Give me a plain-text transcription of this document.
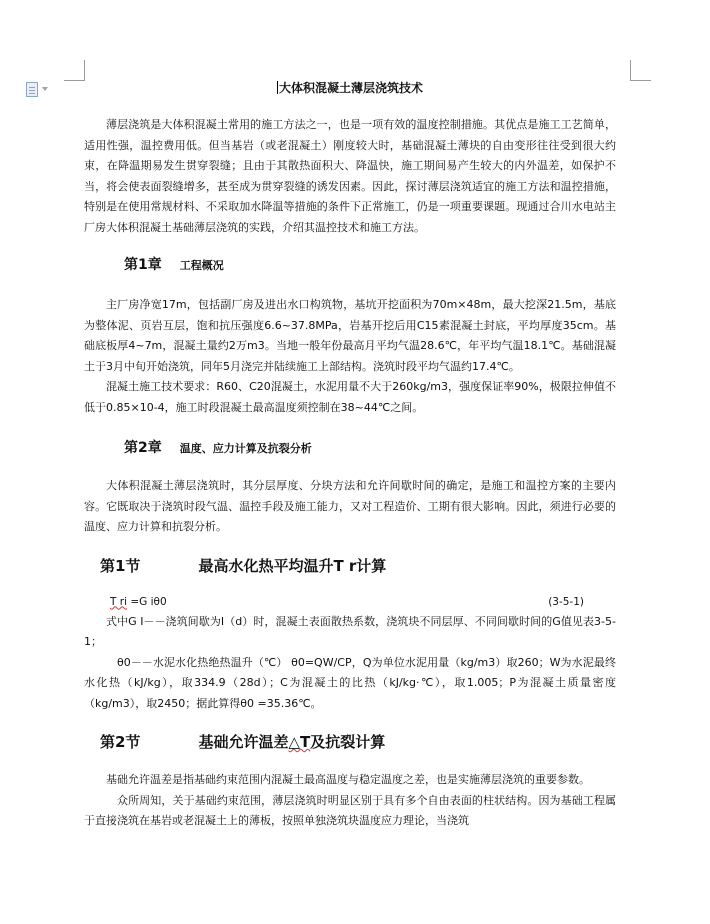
大体积混凝土薄层浇筑技术

薄层浇筑是大体积混凝土常用的施工方法之一，也是一项有效的温度控制措施。其优点是施工工艺简单，适用性强，温控费用低。但当基岩（或老混凝土）刚度较大时，基础混凝土薄块的自由变形往往受到很大约束，在降温期易发生贯穿裂缝；且由于其散热面积大、降温快，施工期间易产生较大的内外温差，如保护不当，将会使表面裂缝增多，甚至成为贯穿裂缝的诱发因素。因此，探讨薄层浇筑适宜的施工方法和温控措施，特别是在使用常规材料、不采取加水降温等措施的条件下正常施工，仍是一项重要课题。现通过合川水电站主厂房大体积混凝土基础薄层浇筑的实践，介绍其温控技术和施工方法。

第1章 工程概况

主厂房净宽17m，包括副厂房及进出水口构筑物，基坑开挖面积为70m×48m，最大挖深21.5m，基底为整体泥、页岩互层，饱和抗压强度6.6~37.8MPa，岩基开挖后用C15素混凝土封底，平均厚度35cm。基础底板厚4~7m，混凝土量约2万m3。当地一般年份最高月平均气温28.6℃，年平均气温18.1℃。基础混凝土于3月中旬开始浇筑，同年5月浇完并陆续施工上部结构。浇筑时段平均气温约17.4℃。

混凝土施工技术要求：R60、C20混凝土，水泥用量不大于260kg/m3，强度保证率90%，极限拉伸值不低于0.85×10-4，施工时段混凝土最高温度须控制在38~44℃之间。

第2章 温度、应力计算及抗裂分析

大体积混凝土薄层浇筑时，其分层厚度、分块方法和允许间歇时间的确定，是施工和温控方案的主要内容。它既取决于浇筑时段气温、温控手段及施工能力，又对工程造价、工期有很大影响。因此，须进行必要的温度、应力计算和抗裂分析。

第1节	最高水化热平均温升T r计算
T ri =G iθ0	(3-5-1)

式中G I－－浇筑间歇为I（d）时，混凝土表面散热系数，浇筑块不同层厚、不同间歇时间的G值见表3-5-1；

θ0－－水泥水化热绝热温升（℃） θ0=QW/CP，Q为单位水泥用量（kg/m3）取260；W为水泥最终水化热（kJ/kg），取334.9（28d）；C为混凝土的比热（kJ/kg·℃），取1.005；P为混凝土质量密度（kg/m3），取2450；据此算得θ0 =35.36℃。

第2节	基础允许温差△T及抗裂计算

基础允许温差是指基础约束范围内混凝土最高温度与稳定温度之差，也是实施薄层浇筑的重要参数。

众所周知，关于基础约束范围，薄层浇筑时明显区别于具有多个自由表面的柱状结构。因为基础工程属于直接浇筑在基岩或老混凝土上的薄板，按照单独浇筑块温度应力理论，当浇筑
